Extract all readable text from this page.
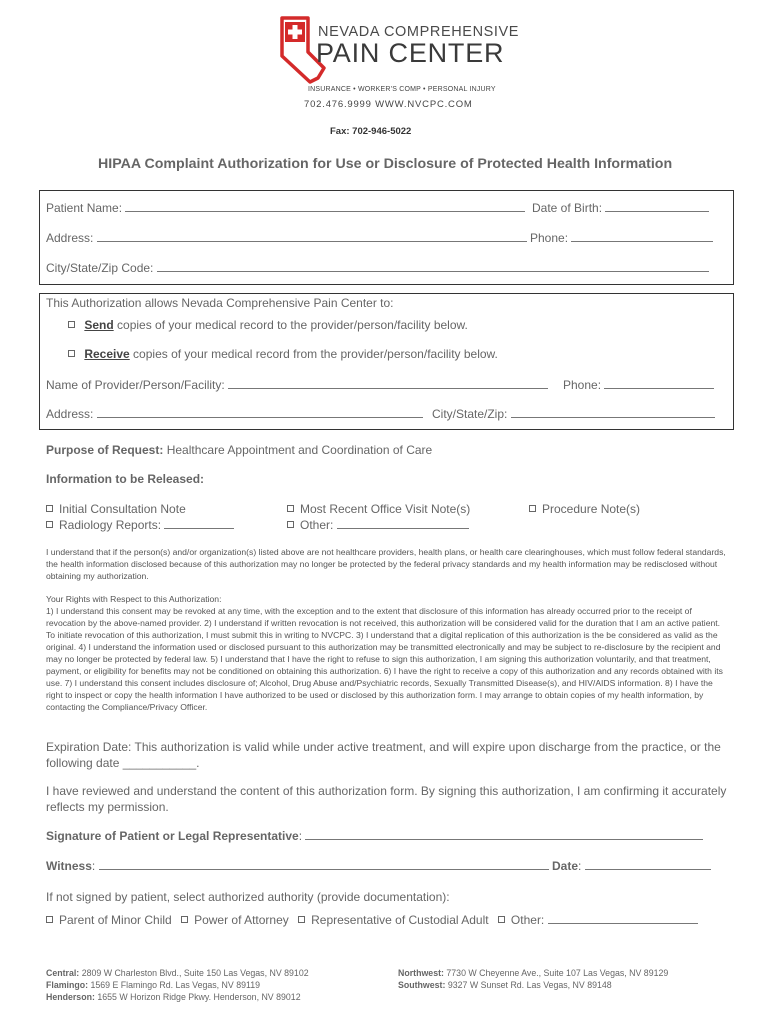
NEVADA COMPREHENSIVE
PAIN CENTER
INSURANCE • WORKER'S COMP • PERSONAL INJURY
702.476.9999 WWW.NVCPC.COM
Fax: 702-946-5022
HIPAA Complaint Authorization for Use or Disclosure of Protected Health Information
Patient Name:	Date of Birth:
Address:	Phone:
City/State/Zip Code:
This Authorization allows Nevada Comprehensive Pain Center to:
Send copies of your medical record to the provider/person/facility below.
Receive copies of your medical record from the provider/person/facility below.
Name of Provider/Person/Facility:	Phone:
Address:	City/State/Zip:
Purpose of Request: Healthcare Appointment and Coordination of Care
Information to be Released:
Initial Consultation Note	Most Recent Office Visit Note(s)	Procedure Note(s)
Radiology Reports:	Other:
I understand that if the person(s) and/or organization(s) listed above are not healthcare providers, health plans, or health care clearinghouses, which must follow federal standards, the health information disclosed because of this authorization may no longer be protected by the federal privacy standards and my health information may be redisclosed without obtaining my authorization.
Your Rights with Respect to this Authorization:
1) I understand this consent may be revoked at any time, with the exception and to the extent that disclosure of this information has already occurred prior to the receipt of revocation by the above-named provider. 2) I understand if written revocation is not received, this authorization will be considered valid for the duration that I am an active patient. To initiate revocation of this authorization, I must submit this in writing to NVCPC. 3) I understand that a digital replication of this authorization is the be considered as valid as the original. 4) I understand the information used or disclosed pursuant to this authorization may be transmitted electronically and may be subject to re-disclosure by the recipient and may no longer be protected by federal law. 5) I understand that I have the right to refuse to sign this authorization, I am signing this authorization voluntarily, and that treatment, payment, or eligibility for benefits may not be conditioned on obtaining this authorization. 6) I have the right to receive a copy of this authorization and any records obtained with its use. 7) I understand this consent includes disclosure of; Alcohol, Drug Abuse and/Psychiatric records, Sexually Transmitted Disease(s), and HIV/AIDS information. 8) I have the right to inspect or copy the health information I have authorized to be used or disclosed by this authorization form. I may arrange to obtain copies of my health information, by contacting the Compliance/Privacy Officer.
Expiration Date: This authorization is valid while under active treatment, and will expire upon discharge from the practice, or the following date ___________.
I have reviewed and understand the content of this authorization form. By signing this authorization, I am confirming it accurately reflects my permission.
Signature of Patient or Legal Representative:
Witness:	Date:
If not signed by patient, select authorized authority (provide documentation):
Parent of Minor Child Power of Attorney Representative of Custodial Adult Other:
Central: 2809 W Charleston Blvd., Suite 150 Las Vegas, NV 89102
Flamingo: 1569 E Flamingo Rd. Las Vegas, NV 89119
Henderson: 1655 W Horizon Ridge Pkwy. Henderson, NV 89012
Northwest: 7730 W Cheyenne Ave., Suite 107 Las Vegas, NV 89129
Southwest: 9327 W Sunset Rd. Las Vegas, NV 89148
